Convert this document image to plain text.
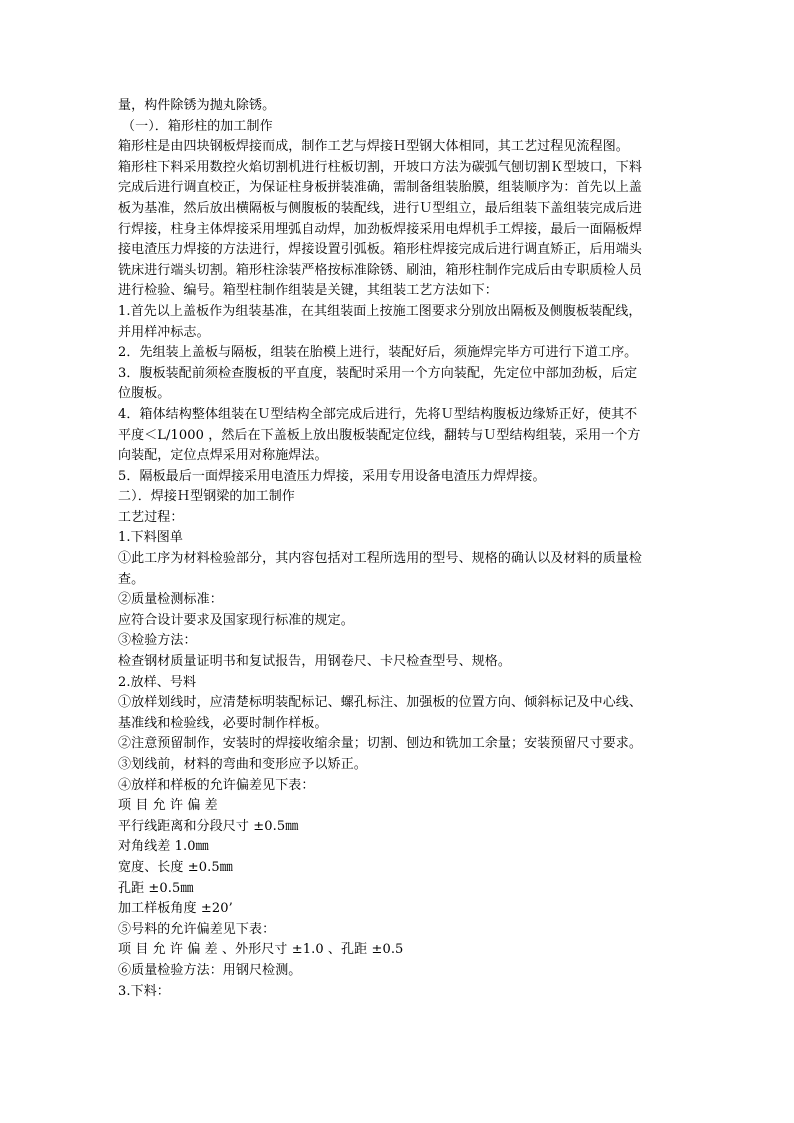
量，构件除锈为抛丸除锈。
（一）．箱形柱的加工制作
箱形柱是由四块钢板焊接而成，制作工艺与焊接Ｈ型钢大体相同，其工艺过程见流程图。
箱形柱下料采用数控火焰切割机进行柱板切割，开坡口方法为碳弧气刨切割Ｋ型坡口，下料
完成后进行调直校正，为保证柱身板拼装准确，需制备组装胎膜，组装顺序为：首先以上盖
板为基准，然后放出横隔板与侧腹板的装配线，进行Ｕ型组立，最后组装下盖组装完成后进
行焊接，柱身主体焊接采用埋弧自动焊，加劲板焊接采用电焊机手工焊接，最后一面隔板焊
接电渣压力焊接的方法进行，焊接设置引弧板。箱形柱焊接完成后进行调直矫正，后用端头
铣床进行端头切割。箱形柱涂装严格按标准除锈、刷油，箱形柱制作完成后由专职质检人员
进行检验、编号。箱型柱制作组装是关键，其组装工艺方法如下：
1.首先以上盖板作为组装基准，在其组装面上按施工图要求分别放出隔板及侧腹板装配线，
并用样冲标志。
2．先组装上盖板与隔板，组装在胎模上进行，装配好后，须施焊完毕方可进行下道工序。
3．腹板装配前须检查腹板的平直度，装配时采用一个方向装配，先定位中部加劲板，后定
位腹板。
4．箱体结构整体组装在Ｕ型结构全部完成后进行，先将Ｕ型结构腹板边缘矫正好，使其不
平度＜L/1000 ，然后在下盖板上放出腹板装配定位线，翻转与Ｕ型结构组装，采用一个方
向装配，定位点焊采用对称施焊法。
5．隔板最后一面焊接采用电渣压力焊接，采用专用设备电渣压力焊焊接。
二）．焊接Ｈ型钢梁的加工制作
工艺过程：
1.下料图单
①此工序为材料检验部分，其内容包括对工程所选用的型号、规格的确认以及材料的质量检
查。
②质量检测标准：
应符合设计要求及国家现行标准的规定。
③检验方法：
检查钢材质量证明书和复试报告，用钢卷尺、卡尺检查型号、规格。
2.放样、号料
①放样划线时，应清楚标明装配标记、螺孔标注、加强板的位置方向、倾斜标记及中心线、
基准线和检验线，必要时制作样板。
②注意预留制作，安装时的焊接收缩余量；切割、刨边和铣加工余量；安装预留尺寸要求。
③划线前，材料的弯曲和变形应予以矫正。
④放样和样板的允许偏差见下表：
项 目 允 许 偏 差
平行线距离和分段尺寸 ±0.5㎜
对角线差 1.0㎜
宽度、长度 ±0.5㎜
孔距 ±0.5㎜
加工样板角度 ±20’
⑤号料的允许偏差见下表：
项 目 允 许 偏 差 、外形尺寸 ±1.0 、孔距 ±0.5
⑥质量检验方法：用钢尺检测。
3.下料：
